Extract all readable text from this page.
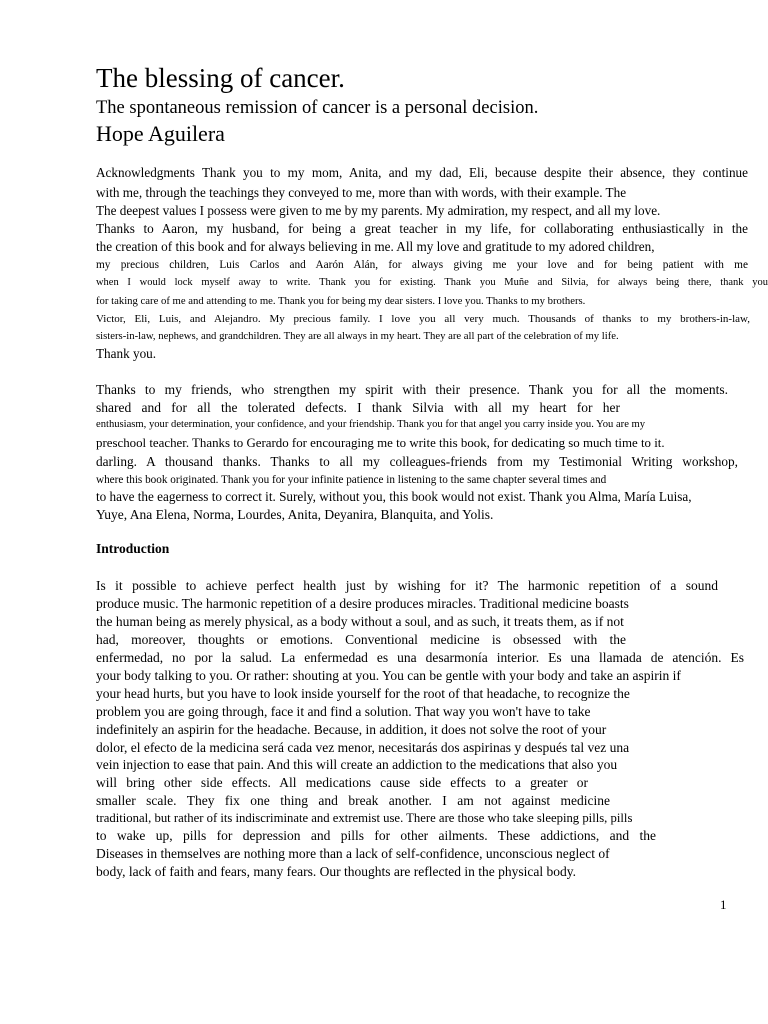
The blessing of cancer.
The spontaneous remission of cancer is a personal decision.
Hope Aguilera
Acknowledgments Thank you to my mom, Anita, and my dad, Eli, because despite their absence, they continue
with me, through the teachings they conveyed to me, more than with words, with their example. The
The deepest values I possess were given to me by my parents. My admiration, my respect, and all my love.
Thanks to Aaron, my husband, for being a great teacher in my life, for collaborating enthusiastically in the
the creation of this book and for always believing in me. All my love and gratitude to my adored children,
my precious children, Luis Carlos and Aarón Alán, for always giving me your love and for being patient with me
when I would lock myself away to write. Thank you for existing. Thank you Muñe and Silvia, for always being there, thank you
for taking care of me and attending to me. Thank you for being my dear sisters. I love you. Thanks to my brothers.
Victor, Eli, Luis, and Alejandro. My precious family. I love you all very much. Thousands of thanks to my brothers-in-law,
sisters-in-law, nephews, and grandchildren. They are all always in my heart. They are all part of the celebration of my life.
Thank you.
Thanks to my friends, who strengthen my spirit with their presence. Thank you for all the moments.
shared and for all the tolerated defects. I thank Silvia with all my heart for her
enthusiasm, your determination, your confidence, and your friendship. Thank you for that angel you carry inside you. You are my
preschool teacher. Thanks to Gerardo for encouraging me to write this book, for dedicating so much time to it.
darling. A thousand thanks. Thanks to all my colleagues-friends from my Testimonial Writing workshop,
where this book originated. Thank you for your infinite patience in listening to the same chapter several times and
to have the eagerness to correct it. Surely, without you, this book would not exist. Thank you Alma, María Luisa,
Yuye, Ana Elena, Norma, Lourdes, Anita, Deyanira, Blanquita, and Yolis.
Introduction
Is it possible to achieve perfect health just by wishing for it? The harmonic repetition of a sound
produce music. The harmonic repetition of a desire produces miracles. Traditional medicine boasts
the human being as merely physical, as a body without a soul, and as such, it treats them, as if not
had, moreover, thoughts or emotions. Conventional medicine is obsessed with the
enfermedad, no por la salud. La enfermedad es una desarmonía interior. Es una llamada de atención. Es
your body talking to you. Or rather: shouting at you. You can be gentle with your body and take an aspirin if
your head hurts, but you have to look inside yourself for the root of that headache, to recognize the
problem you are going through, face it and find a solution. That way you won't have to take
indefinitely an aspirin for the headache. Because, in addition, it does not solve the root of your
dolor, el efecto de la medicina será cada vez menor, necesitarás dos aspirinas y después tal vez una
vein injection to ease that pain. And this will create an addiction to the medications that also you
will bring other side effects. All medications cause side effects to a greater or
smaller scale. They fix one thing and break another. I am not against medicine
traditional, but rather of its indiscriminate and extremist use. There are those who take sleeping pills, pills
to wake up, pills for depression and pills for other ailments. These addictions, and the
Diseases in themselves are nothing more than a lack of self-confidence, unconscious neglect of
body, lack of faith and fears, many fears. Our thoughts are reflected in the physical body.
1
